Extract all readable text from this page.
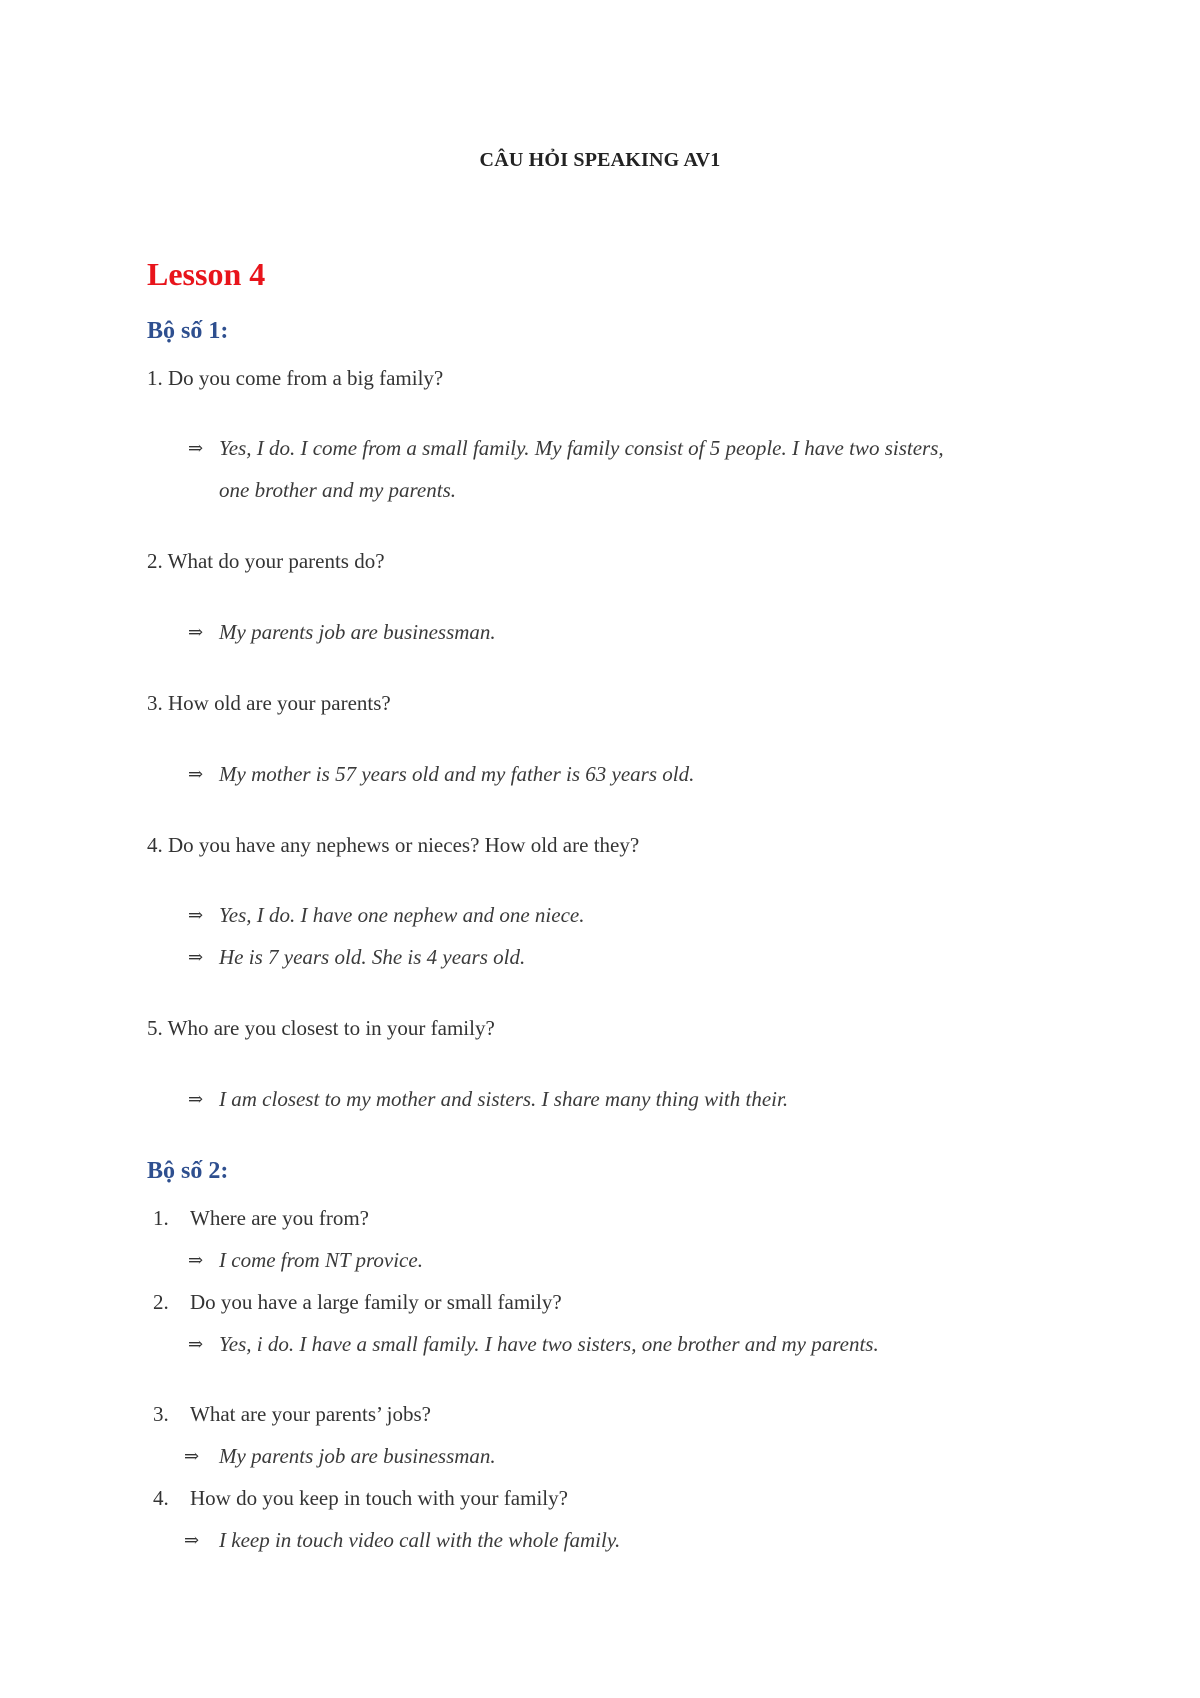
CÂU HỎI SPEAKING AV1
Lesson 4
Bộ số 1:
1. Do you come from a big family?
⇒ Yes, I do. I come from a small family. My family consist of 5 people. I have two sisters,
one brother and my parents.
2. What do your parents do?
⇒ My parents job are businessman.
3. How old are your parents?
⇒ My mother is 57 years old and my father is 63 years old.
4. Do you have any nephews or nieces? How old are they?
⇒ Yes, I do. I have one nephew and one niece.
⇒ He is 7 years old. She is 4 years old.
5. Who are you closest to in your family?
⇒ I am closest to my mother and sisters. I share many thing with their.
Bộ số 2:
1. Where are you from?
⇒ I come from NT provice.
2. Do you have a large family or small family?
⇒ Yes, i do. I have a small family. I have two sisters, one brother and my parents.
3. What are your parents’ jobs?
⇒ My parents job are businessman.
4. How do you keep in touch with your family?
⇒ I keep in touch video call with the whole family.
